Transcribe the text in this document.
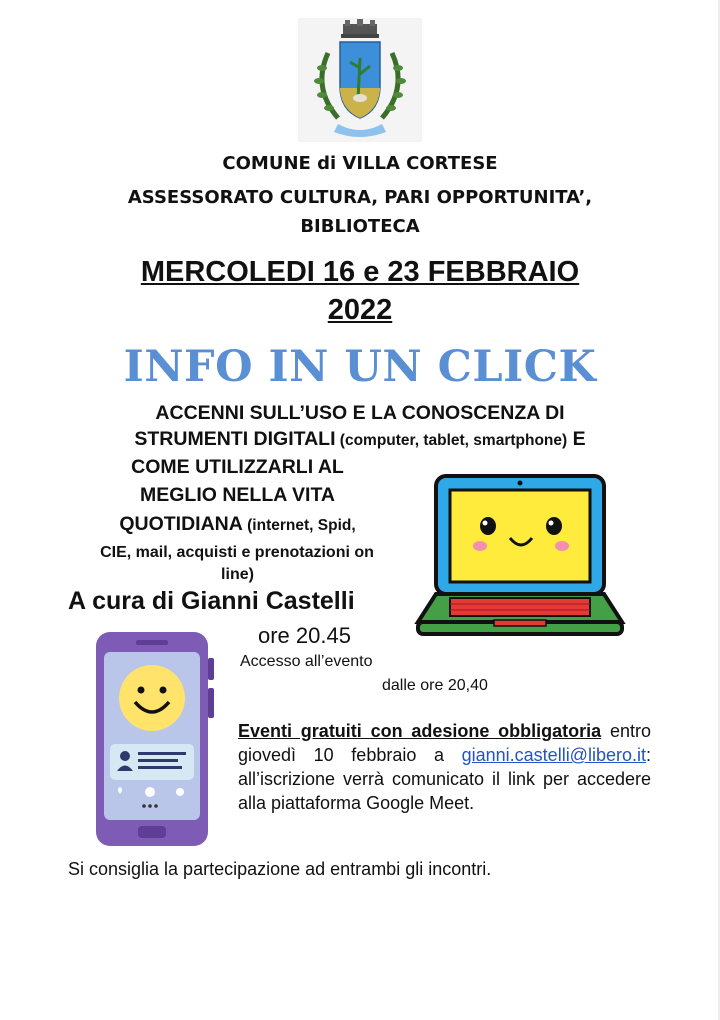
COMUNE di VILLA CORTESE
ASSESSORATO CULTURA, PARI OPPORTUNITA’,
BIBLIOTECA
MERCOLEDI 16 e 23 FEBBRAIO
2022
INFO IN UN CLICK
ACCENNI SULL’USO E LA CONOSCENZA DI
STRUMENTI DIGITALI (computer, tablet, smartphone) E
COME UTILIZZARLI AL
MEGLIO NELLA VITA
QUOTIDIANA (internet, Spid,
CIE, mail, acquisti e prenotazioni on
line)
A cura di Gianni Castelli
ore 20.45
Accesso all’evento
dalle ore 20,40
Eventi gratuiti con adesione obbligatoria entro giovedì 10 febbraio a gianni.castelli@libero.it: all’iscrizione verrà comunicato il link per accedere alla piattaforma Google Meet.
Si consiglia la partecipazione ad entrambi gli incontri.
